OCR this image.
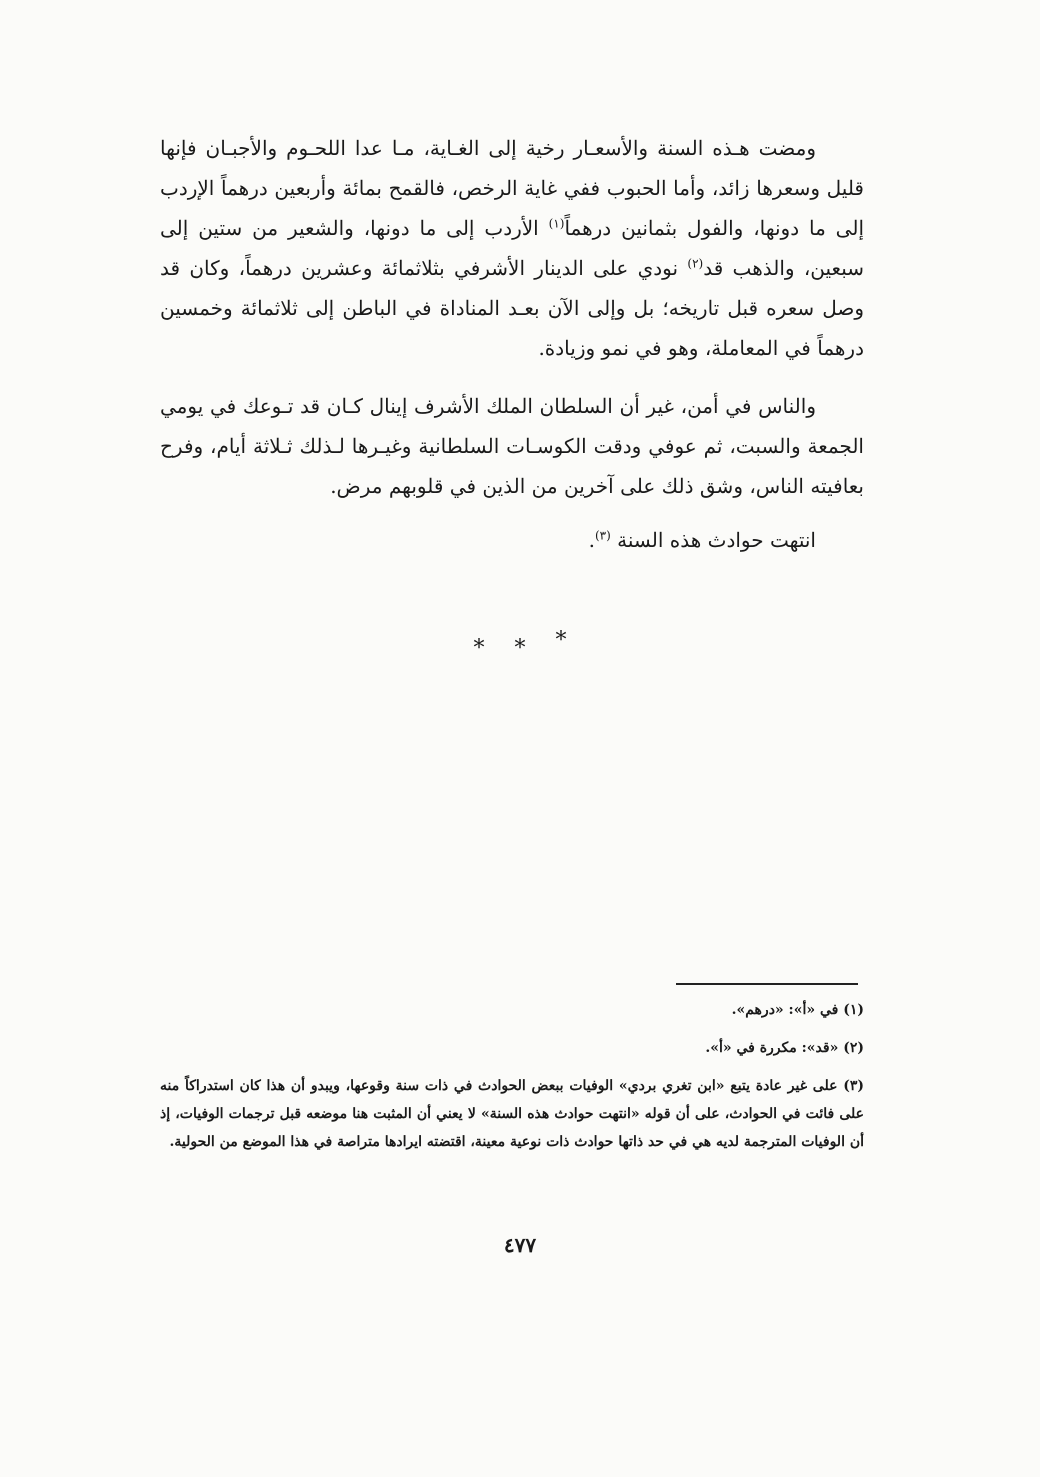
ومضت هـذه السنة والأسعـار رخية إلى الغـاية، مـا عدا اللحـوم والأجبـان فإنها قليل وسعرها زائد، وأما الحبوب ففي غاية الرخص، فالقمح بمائة وأربعين درهماً الإردب إلى ما دونها، والفول بثمانين درهماً$^{(١)}$ الأردب إلى ما دونها، والشعير من ستين إلى سبعين، والذهب قد$^{(٢)}$ نودي على الدينار الأشرفي بثلاثمائة وعشرين درهماً، وكان قد وصل سعره قبل تاريخه؛ بل وإلى الآن بعـد المناداة في الباطن إلى ثلاثمائة وخمسين درهماً في المعاملة، وهو في نمو وزيادة.

والناس في أمن، غير أن السلطان الملك الأشرف إينال كـان قد تـوعك في يومي الجمعة والسبت، ثم عوفي ودقت الكوسـات السلطانية وغيـرها لـذلك ثـلاثة أيام، وفرح بعافيته الناس، وشق ذلك على آخرين من الذين في قلوبهم مرض.

انتهت حوادث هذه السنة $^{(٣)}$.

* * *

(١) في «أ»: «درهم».

(٢) «قد»: مكررة في «أ».

(٣) على غير عادة يتبع «ابن تغري بردي» الوفيات ببعض الحوادث في ذات سنة وقوعها، ويبدو أن هذا كان استدراكاً منه على فائت في الحوادث، على أن قوله «انتهت حوادث هذه السنة» لا يعني أن المثبت هنا موضعه قبل ترجمات الوفيات، إذ أن الوفيات المترجمة لديه هي في حد ذاتها حوادث ذات نوعية معينة، اقتضته ايرادها متراصة في هذا الموضع من الحولية.

٤٧٧
